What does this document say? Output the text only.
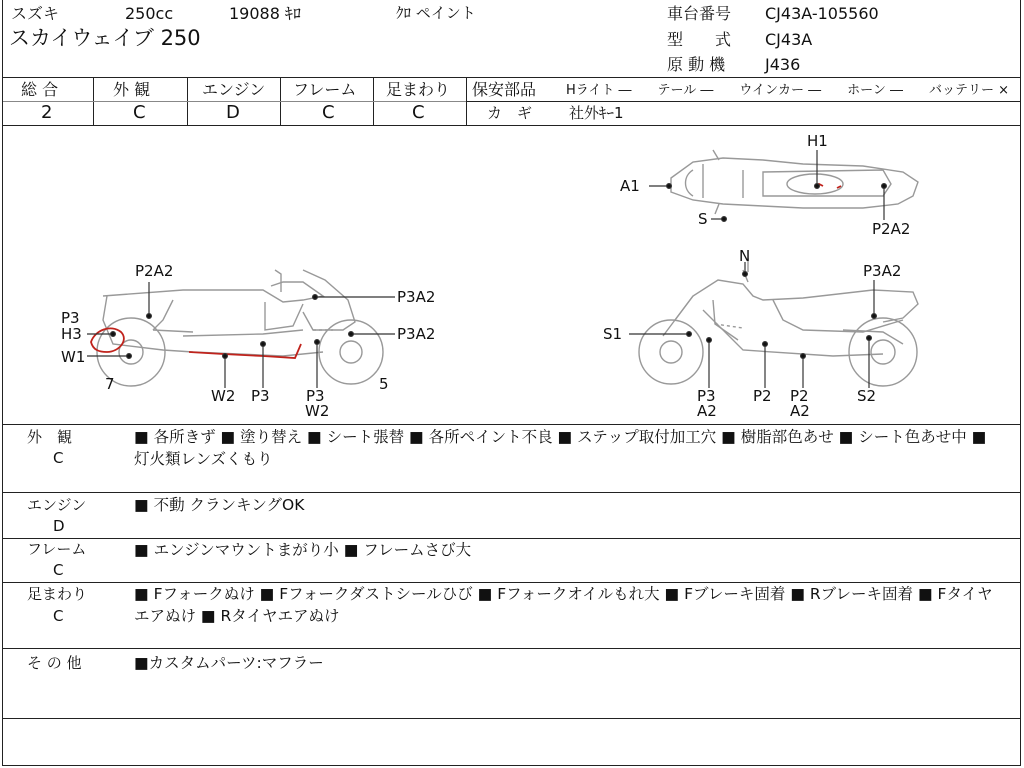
スズキ	250cc	19088 ｷﾛ	ｸﾛ ペイント
スカイウェイブ 250
車台番号 CJ43A-105560
型　　式 CJ43A
原 動 機 J436
総 合	外 観	エンジン フレーム 足まわり
2	C	D	C	C
保安部品 Hライト ―　　テール ―　　ウインカー ―　　ホーン ―　　バッテリー ×
カ　ギ 社外ｷｰ1
H1
A1
S
P2A2
P2A2
P3A2
P3A2
P3
H3
W1
7
W2 P3 P3
W2
5
N
P3A2
S1
P3
A2
P2 P2
A2
S2
外　観
C
■ 各所きず ■ 塗り替え ■ シート張替 ■ 各所ペイント不良 ■ ステップ取付加工穴 ■ 樹脂部色あせ ■ シート色あせ中 ■ 灯火類レンズくもり
エンジン
D
■ 不動 クランキングOK
フレーム
C
■ エンジンマウントまがり小 ■ フレームさび大
足まわり
C
■ Fフォークぬけ ■ Fフォークダストシールひび ■ Fフォークオイルもれ大 ■ Fブレーキ固着 ■ Rブレーキ固着 ■ Fタイヤエアぬけ ■ Rタイヤエアぬけ
そ の 他	■カスタムパーツ:マフラー
